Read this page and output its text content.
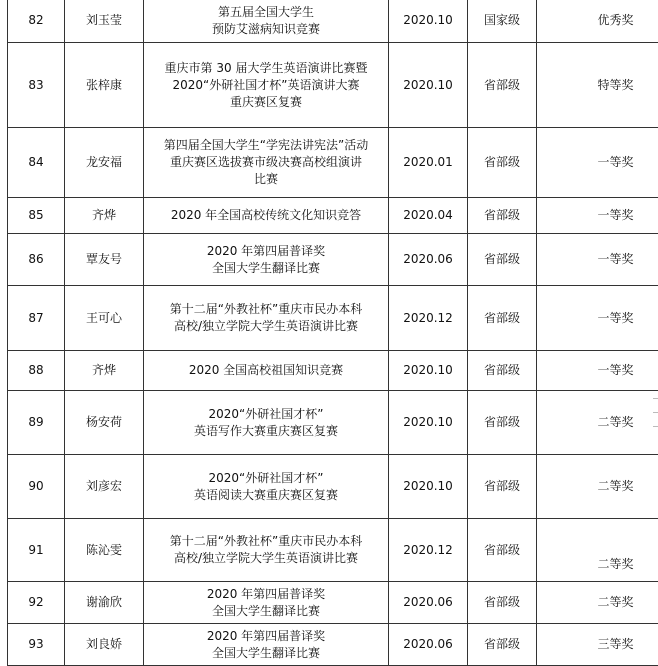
82	刘玉莹	第五届全国大学生
预防艾滋病知识竞赛	2020.10	国家级	优秀奖
83	张梓康	重庆市第 30 届大学生英语演讲比赛暨
2020“外研社国才杯”英语演讲大赛
重庆赛区复赛	2020.10	省部级	特等奖
84	龙安福	第四届全国大学生“学宪法讲宪法”活动
重庆赛区选拔赛市级决赛高校组演讲
比赛	2020.01	省部级	一等奖
85	齐烨	2020 年全国高校传统文化知识竞答	2020.04	省部级	一等奖
86	覃友号	2020 年第四届普译奖
全国大学生翻译比赛	2020.06	省部级	一等奖
87	王可心	第十二届“外教社杯”重庆市民办本科
高校/独立学院大学生英语演讲比赛	2020.12	省部级	一等奖
88	齐烨	2020 全国高校祖国知识竞赛	2020.10	省部级	一等奖
89	杨安荷	2020“外研社国才杯”
英语写作大赛重庆赛区复赛	2020.10	省部级	二等奖
90	刘彦宏	2020“外研社国才杯”
英语阅读大赛重庆赛区复赛	2020.10	省部级	二等奖
91	陈沁雯	第十二届“外教社杯”重庆市民办本科
高校/独立学院大学生英语演讲比赛	2020.12	省部级	二等奖
92	谢渝欣	2020 年第四届普译奖
全国大学生翻译比赛	2020.06	省部级	二等奖
93	刘良娇	2020 年第四届普译奖
全国大学生翻译比赛	2020.06	省部级	三等奖
